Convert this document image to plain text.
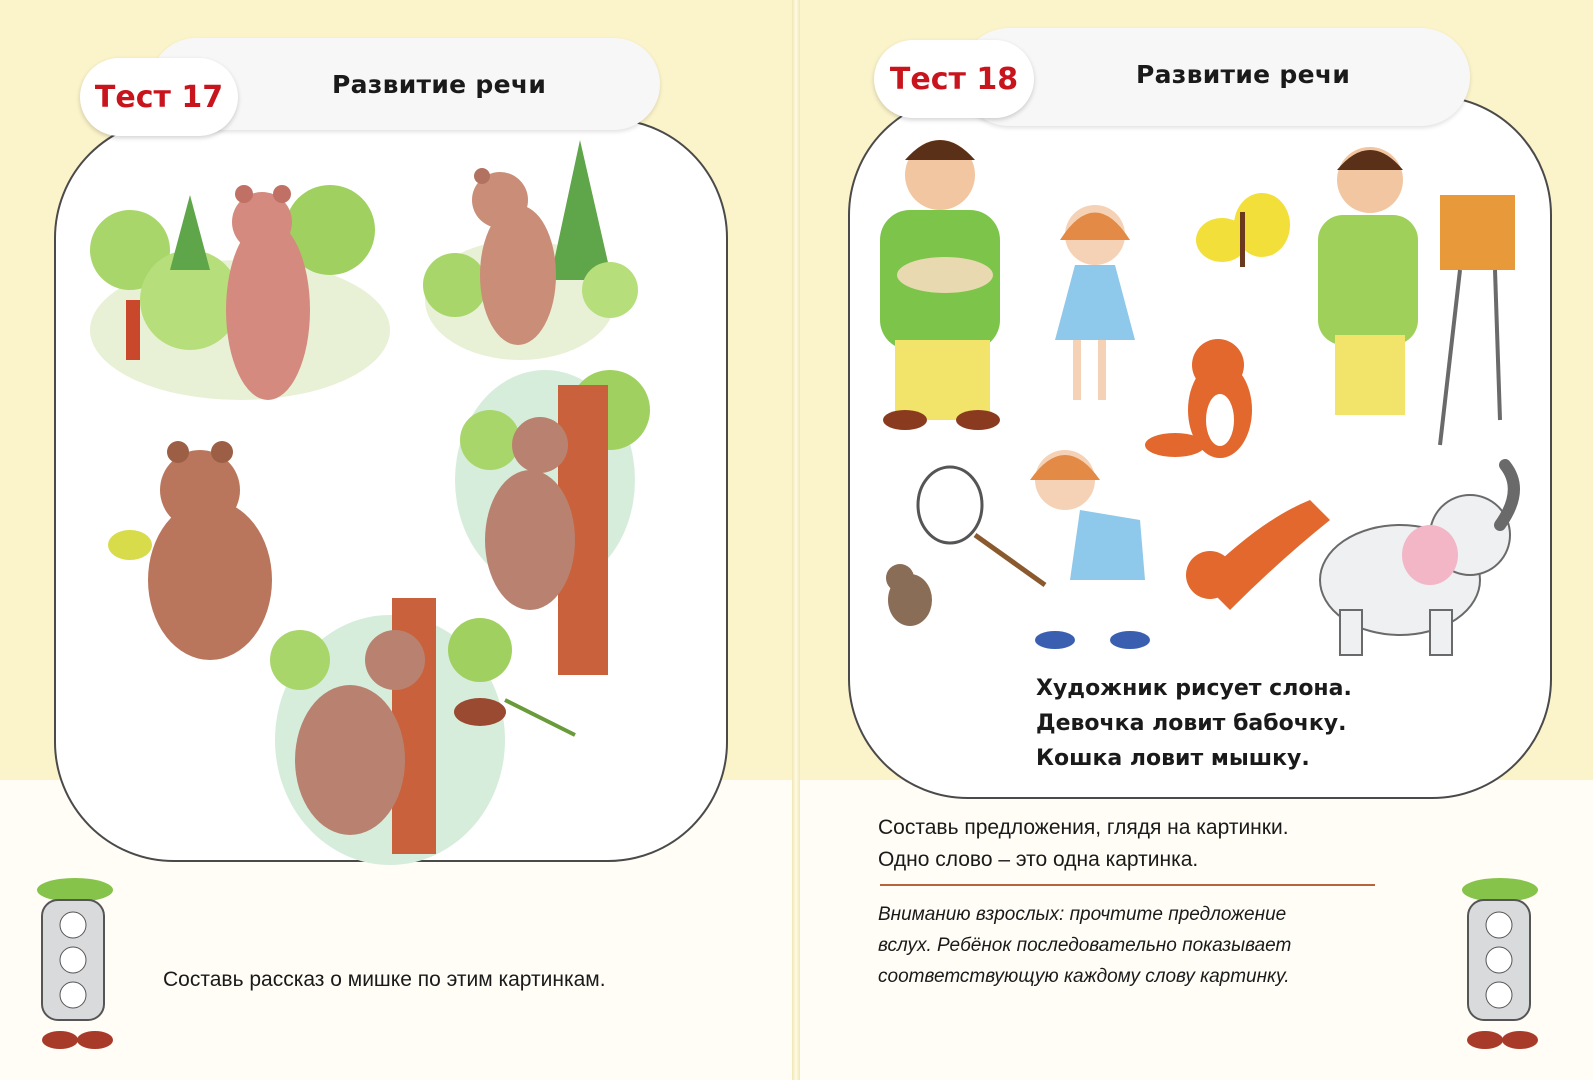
Тест 17
Тест 18
Развитие речи	Развитие речи
Художник рисует слона.
Девочка ловит бабочку.
Кошка ловит мышку.
Составь предложения, глядя на картинки.
Одно слово – это одна картинка.
Вниманию взрослых: прочтите предложение
вслух. Ребёнок последовательно показывает
соответствующую каждому слову картинку.
Составь рассказ о мишке по этим картинкам.
